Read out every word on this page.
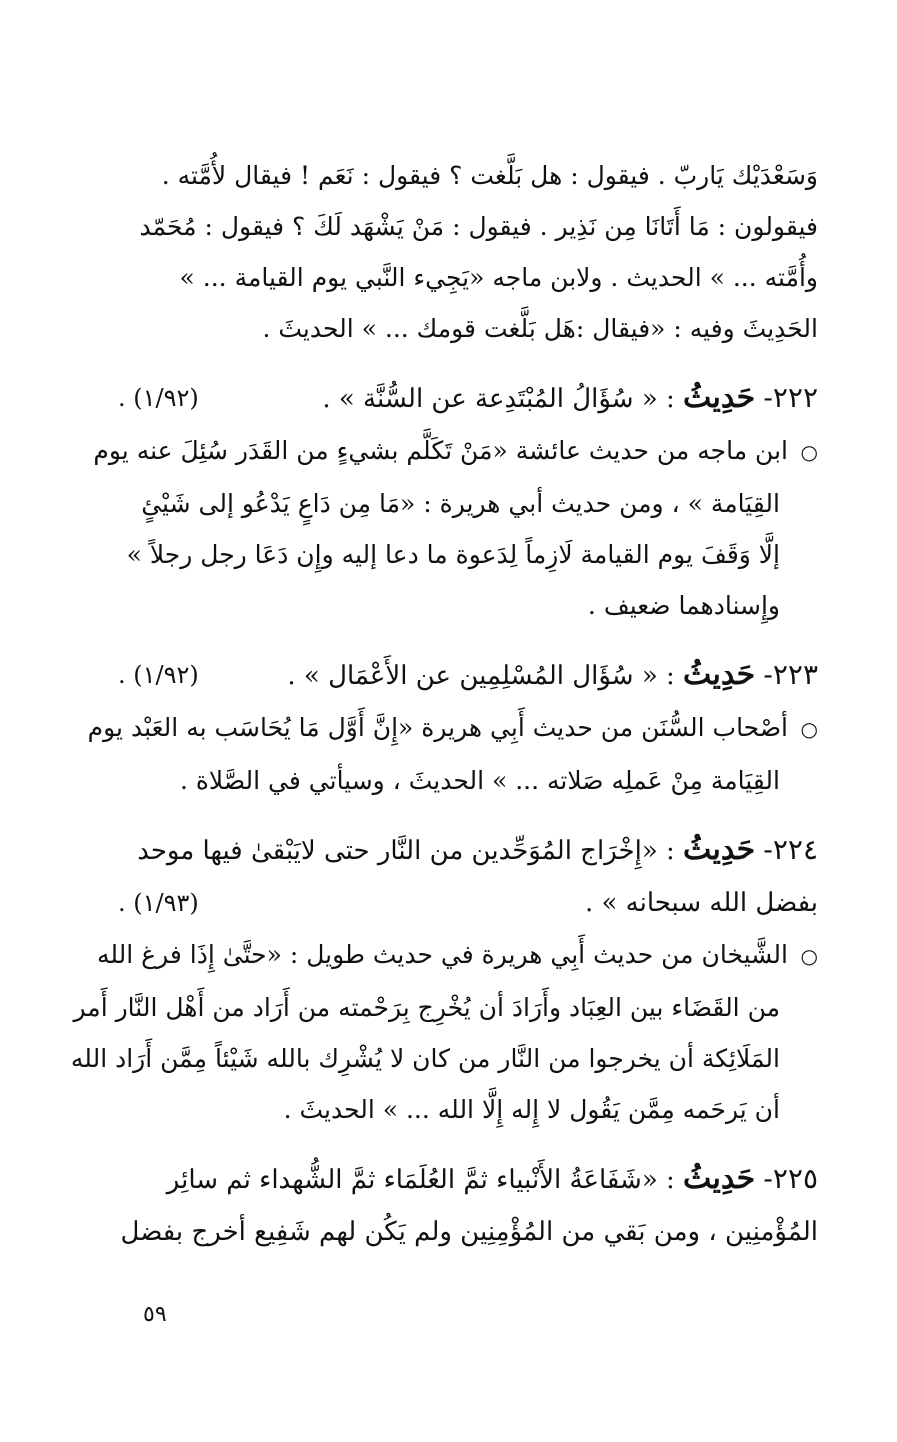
وَسَعْدَيْك يَاربّ . فيقول : هل بَلَّغت ؟ فيقول : نَعَم ! فيقال لأُمَّته .
فيقولون : مَا أَتَانَا مِن نَذِير . فيقول : مَنْ يَشْهَد لَكَ ؟ فيقول : مُحَمّد
وأُمَّته ... » الحديث . ولابن ماجه «يَجِيء النَّبي يوم القيامة ... »
الحَدِيثَ وفيه : «فيقال :هَل بَلَّغت قومك ... » الحديثَ .
٢٢٢- حَدِيثُ : « سُؤَالُ المُبْتَدِعة عن السُّنَّة » .
(١/٩٢) .
○ابن ماجه من حديث عائشة «مَنْ تَكَلَّم بشيءٍ من القَدَر سُئِلَ عنه يوم
القِيَامة » ، ومن حديث أبي هريرة : «مَا مِن دَاعٍ يَدْعُو إلى شَيْئٍ
إلَّا وَقَفَ يوم القيامة لَازِماً لِدَعوة ما دعا إليه وإِن دَعَا رجل رجلاً »
وإِسنادهما ضعيف .
٢٢٣- حَدِيثُ : « سُؤَال المُسْلِمِين عن الأَعْمَال » .
(١/٩٢) .
○أصْحاب السُّنَن من حديث أَبِي هريرة «إِنَّ أَوَّل مَا يُحَاسَب به العَبْد يوم
القِيَامة مِنْ عَملِه صَلاته ... » الحديثَ ، وسيأتي في الصَّلاة .
٢٢٤- حَدِيثُ : «إِخْرَاج المُوَحِّدين من النَّار حتى لايَبْقىٰ فيها موحد
بفضل الله سبحانه » .
(١/٩٣) .
○الشَّيخان من حديث أَبِي هريرة في حديث طويل : «حتَّىٰ إِذَا فرغ الله
من القَضَاء بين العِبَاد وأَرَادَ أن يُخْرِج بِرَحْمته من أَرَاد من أَهْل النَّار أَمر
المَلَائِكة أن يخرجوا من النَّار من كان لا يُشْرِك بالله شَيْئاً مِمَّن أَرَاد الله
أن يَرحَمه مِمَّن يَقُول لا إِله إِلَّا الله ... » الحديثَ .
٢٢٥- حَدِيثُ : «شَفَاعَةُ الأَنْبياء ثمَّ العُلَمَاء ثمَّ الشُّهداء ثم سائِر
المُؤْمنِين ، ومن بَقي من المُؤْمِنِين ولم يَكُن لهم شَفِيع أخرج بفضل
٥٩
